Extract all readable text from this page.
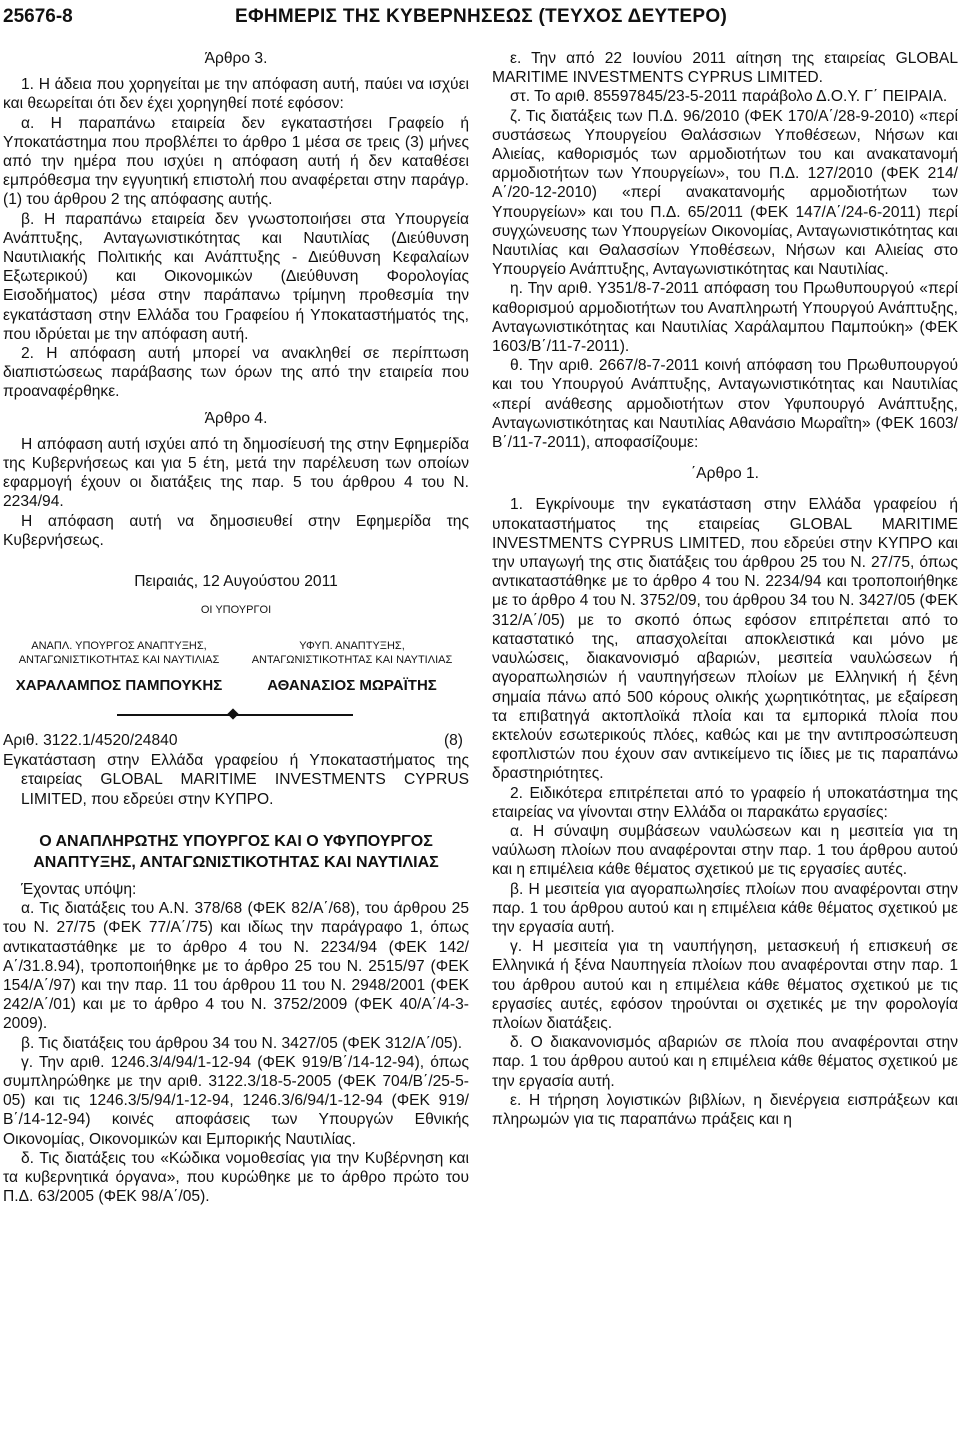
25676-8	ΕΦΗΜΕΡΙΣ ΤΗΣ ΚΥΒΕΡΝΗΣΕΩΣ (ΤΕΥΧΟΣ ΔΕΥΤΕΡΟ)

Άρθρο 3.

1. Η άδεια που χορηγείται με την απόφαση αυτή, παύει να ισχύει και θεωρείται ότι δεν έχει χορηγηθεί ποτέ εφόσον:

α. Η παραπάνω εταιρεία δεν εγκαταστήσει Γραφείο ή Υποκατάστημα που προβλέπει το άρθρο 1 μέσα σε τρεις (3) μήνες από την ημέρα που ισχύει η απόφαση αυτή ή δεν καταθέσει εμπρόθεσμα την εγγυητική επιστολή που αναφέρεται στην παράγρ. (1) του άρθρου 2 της απόφασης αυτής.

β. Η παραπάνω εταιρεία δεν γνωστοποιήσει στα Υπουργεία Ανάπτυξης, Ανταγωνιστικότητας και Ναυτιλίας (Διεύθυνση Ναυτιλιακής Πολιτικής και Ανάπτυξης - Διεύθυνση Κεφαλαίων Εξωτερικού) και Οικονομικών (Διεύθυνση Φορολογίας Εισοδήματος) μέσα στην παράπανω τρίμηνη προθεσμία την εγκατάσταση στην Ελλάδα του Γραφείου ή Υποκαταστήματός της, που ιδρύεται με την απόφαση αυτή.

2. Η απόφαση αυτή μπορεί να ανακληθεί σε περίπτωση διαπιστώσεως παράβασης των όρων της από την εταιρεία που προαναφέρθηκε.

Άρθρο 4.

Η απόφαση αυτή ισχύει από τη δημοσίευσή της στην Εφημερίδα της Κυβερνήσεως και για 5 έτη, μετά την παρέλευση των οποίων εφαρμογή έχουν οι διατάξεις της παρ. 5 του άρθρου 4 του Ν. 2234/94.

Η απόφαση αυτή να δημοσιευθεί στην Εφημερίδα της Κυβερνήσεως.

Πειραιάς, 12 Αυγούστου 2011

ΟΙ ΥΠΟΥΡΓΟΙ

ΑΝΑΠΛ. ΥΠΟΥΡΓΟΣ ΑΝΑΠΤΥΞΗΣ,
ΑΝΤΑΓΩΝΙΣΤΙΚΟΤΗΤΑΣ ΚΑΙ ΝΑΥΤΙΛΙΑΣ
ΥΦΥΠ. ΑΝΑΠΤΥΞΗΣ,
ΑΝΤΑΓΩΝΙΣΤΙΚΟΤΗΤΑΣ ΚΑΙ ΝΑΥΤΙΛΙΑΣ
ΧΑΡΑΛΑΜΠΟΣ ΠΑΜΠΟΥΚΗΣ	ΑΘΑΝΑΣΙΟΣ ΜΩΡΑΪΤΗΣ
Αριθ. 3122.1/4520/24840	(8)

Εγκατάσταση στην Ελλάδα γραφείου ή Υποκαταστήματος της εταιρείας GLOBAL MARITIME INVESTMENTS CYPRUS LIMITED, που εδρεύει στην ΚΥΠΡΟ.

Ο ΑΝΑΠΛΗΡΩΤΗΣ ΥΠΟΥΡΓΟΣ ΚΑΙ Ο ΥΦΥΠΟΥΡΓΟΣ ΑΝΑΠΤΥΞΗΣ, ΑΝΤΑΓΩΝΙΣΤΙΚΟΤΗΤΑΣ ΚΑΙ ΝΑΥΤΙΛΙΑΣ

Έχοντας υπόψη:

α. Τις διατάξεις του Α.Ν. 378/68 (ΦΕΚ 82/Α΄/68), του άρθρου 25 του Ν. 27/75 (ΦΕΚ 77/Α΄/75) και ιδίως την παράγραφο 1, όπως αντικαταστάθηκε με το άρθρο 4 του Ν. 2234/94 (ΦΕΚ 142/Α΄/31.8.94), τροποποιήθηκε με το άρθρο 25 του Ν. 2515/97 (ΦΕΚ 154/Α΄/97) και την παρ. 11 του άρθρου 11 του Ν. 2948/2001 (ΦΕΚ 242/Α΄/01) και με το άρθρο 4 του Ν. 3752/2009 (ΦΕΚ 40/Α΄/4-3-2009).

β. Τις διατάξεις του άρθρου 34 του Ν. 3427/05 (ΦΕΚ 312/Α΄/05).

γ. Την αριθ. 1246.3/4/94/1-12-94 (ΦΕΚ 919/Β΄/14-12-94), όπως συμπληρώθηκε με την αριθ. 3122.3/18-5-2005 (ΦΕΚ 704/Β΄/25-5-05) και τις 1246.3/5/94/1-12-94, 1246.3/6/94/1-12-94 (ΦΕΚ 919/Β΄/14-12-94) κοινές αποφάσεις των Υπουργών Εθνικής Οικονομίας, Οικονομικών και Εμπορικής Ναυτιλίας.

δ. Τις διατάξεις του «Κώδικα νομοθεσίας για την Κυβέρνηση και τα κυβερνητικά όργανα», που κυρώθηκε με το άρθρο πρώτο του Π.Δ. 63/2005 (ΦΕΚ 98/Α΄/05).

ε. Την από 22 Ιουνίου 2011 αίτηση της εταιρείας GLOBAL MARITIME INVESTMENTS CYPRUS LIMITED.

στ. Το αριθ. 85597845/23-5-2011 παράβολο Δ.Ο.Υ. Γ΄ ΠΕΙΡΑΙΑ.

ζ. Τις διατάξεις των Π.Δ. 96/2010 (ΦΕΚ 170/Α΄/28-9-2010) «περί συστάσεως Υπουργείου Θαλάσσιων Υποθέσεων, Νήσων και Αλιείας, καθορισμός των αρμοδιοτήτων του και ανακατανομή αρμοδιοτήτων των Υπουργείων», του Π.Δ. 127/2010 (ΦΕΚ 214/Α΄/20-12-2010) «περί ανακατανομής αρμοδιοτήτων των Υπουργείων» και του Π.Δ. 65/2011 (ΦΕΚ 147/Α΄/24-6-2011) περί συγχώνευσης των Υπουργείων Οικονομίας, Ανταγωνιστικότητας και Ναυτιλίας και Θαλασσίων Υποθέσεων, Νήσων και Αλιείας στο Υπουργείο Ανάπτυξης, Ανταγωνιστικότητας και Ναυτιλίας.

η. Την αριθ. Υ351/8-7-2011 απόφαση του Πρωθυπουργού «περί καθορισμού αρμοδιοτήτων του Αναπληρωτή Υπουργού Ανάπτυξης, Ανταγωνιστικότητας και Ναυτιλίας Χαράλαμπου Παμπούκη» (ΦΕΚ 1603/Β΄/11-7-2011).

θ. Την αριθ. 2667/8-7-2011 κοινή απόφαση του Πρωθυπουργού και του Υπουργού Ανάπτυξης, Ανταγωνιστικότητας και Ναυτιλίας «περί ανάθεσης αρμοδιοτήτων στον Υφυπουργό Ανάπτυξης, Ανταγωνιστικότητας και Ναυτιλίας Αθανάσιο Μωραΐτη» (ΦΕΚ 1603/Β΄/11-7-2011), αποφασίζουμε:

΄Αρθρο 1.

1. Εγκρίνουμε την εγκατάσταση στην Ελλάδα γραφείου ή υποκαταστήματος της εταιρείας GLOBAL MARITIME INVESTMENTS CYPRUS LIMITED, που εδρεύει στην ΚΥΠΡΟ και την υπαγωγή της στις διατάξεις του άρθρου 25 του Ν. 27/75, όπως αντικαταστάθηκε με το άρθρο 4 του Ν. 2234/94 και τροποποιήθηκε με το άρθρο 4 του Ν. 3752/09, του άρθρου 34 του Ν. 3427/05 (ΦΕΚ 312/Α΄/05) με το σκοπό όπως εφόσον επιτρέπεται από το καταστατικό της, απασχολείται αποκλειστικά και μόνο με ναυλώσεις, διακανονισμό αβαριών, μεσιτεία ναυλώσεων ή αγοραπωλησιών ή ναυπηγήσεων πλοίων με Ελληνική ή ξένη σημαία πάνω από 500 κόρους ολικής χωρητικότητας, με εξαίρεση τα επιβατηγά ακτοπλοϊκά πλοία και τα εμπορικά πλοία που εκτελούν εσωτερικούς πλόες, καθώς και με την αντιπροσώπευση εφοπλιστών που έχουν σαν αντικείμενο τις ίδιες με τις παραπάνω δραστηριότητες.

2. Ειδικότερα επιτρέπεται από το γραφείο ή υποκατάστημα της εταιρείας να γίνονται στην Ελλάδα οι παρακάτω εργασίες:

α. Η σύναψη συμβάσεων ναυλώσεων και η μεσιτεία για τη ναύλωση πλοίων που αναφέρονται στην παρ. 1 του άρθρου αυτού και η επιμέλεια κάθε θέματος σχετικού με τις εργασίες αυτές.

β. Η μεσιτεία για αγοραπωλησίες πλοίων που αναφέρονται στην παρ. 1 του άρθρου αυτού και η επιμέλεια κάθε θέματος σχετικού με την εργασία αυτή.

γ. Η μεσιτεία για τη ναυπήγηση, μετασκευή ή επισκευή σε Ελληνικά ή ξένα Ναυπηγεία πλοίων που αναφέρονται στην παρ. 1 του άρθρου αυτού και η επιμέλεια κάθε θέματος σχετικού με τις εργασίες αυτές, εφόσον τηρούνται οι σχετικές με την φορολογία πλοίων διατάξεις.

δ. Ο διακανονισμός αβαριών σε πλοία που αναφέρονται στην παρ. 1 του άρθρου αυτού και η επιμέλεια κάθε θέματος σχετικού με την εργασία αυτή.

ε. Η τήρηση λογιστικών βιβλίων, η διενέργεια εισπράξεων και πληρωμών για τις παραπάνω πράξεις και η
